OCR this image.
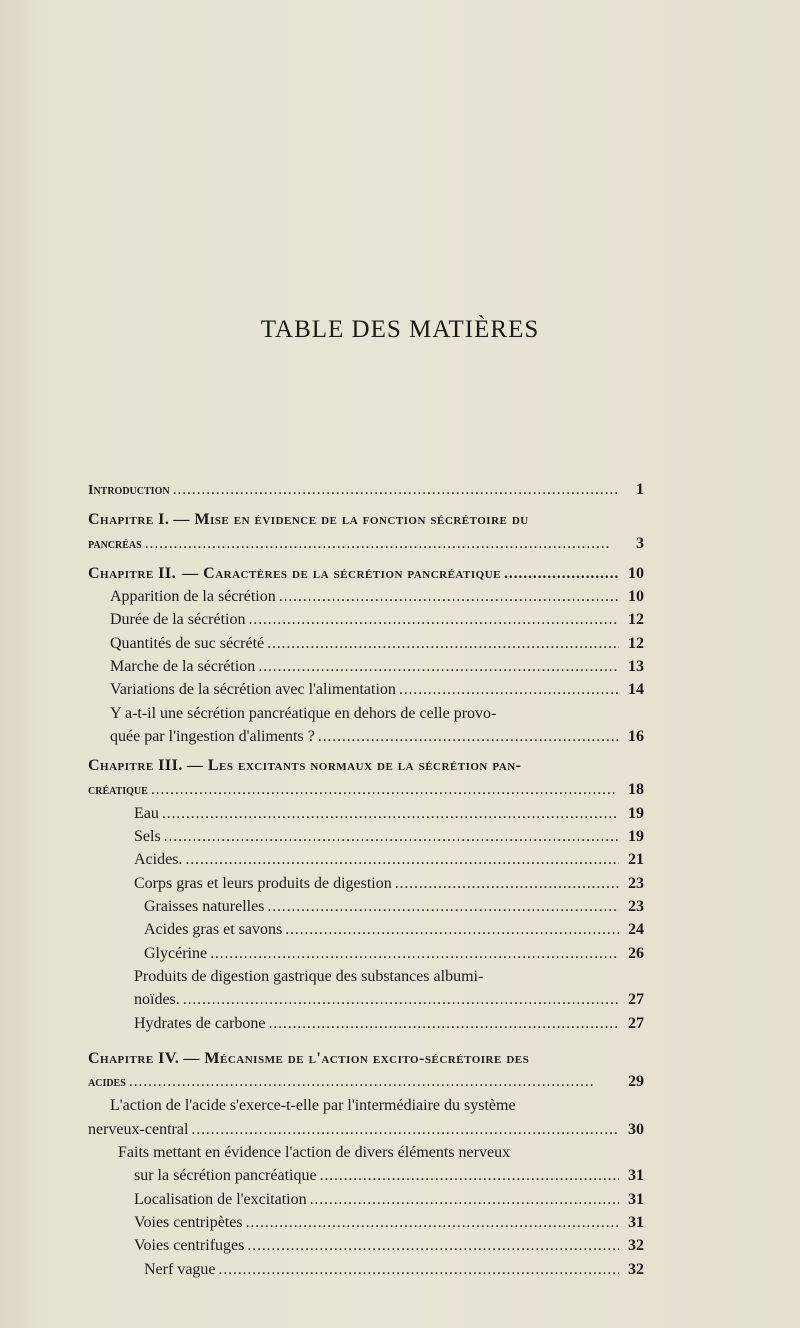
TABLE DES MATIÈRES
Introduction . . .	1
Chapitre I. — Mise en évidence de la fonction sécrétoire du
pancréas . . .	3
Chapitre II. — Caractères de la sécrétion pancréatique . . .	10
Apparition de la sécrétion . . .	10
Durée de la sécrétion . . .	12
Quantités de suc sécrété . . .	12
Marche de la sécrétion . . .	13
Variations de la sécrétion avec l'alimentation . . .	14
Y a-t-il une sécrétion pancréatique en dehors de celle provo-
quée par l'ingestion d'aliments ? . . .	16
Chapitre III. — Les excitants normaux de la sécrétion pan-
créatique . . .	18
Eau . . .	19
Sels . . .	19
Acides. . . .	21
Corps gras et leurs produits de digestion . . .	23
Graisses naturelles . . .	23
Acides gras et savons . . .	24
Glycérine . . .	26
Produits de digestion gastrique des substances albumi-
noïdes. . . .	27
Hydrates de carbone . . .	27
Chapitre IV. — Mécanisme de l'action excito-sécrétoire des
acides . . .	29
L'action de l'acide s'exerce-t-elle par l'intermédiaire du système
nerveux-central . . .	30
Faits mettant en évidence l'action de divers éléments nerveux
sur la sécrétion pancréatique . . .	31
Localisation de l'excitation . . .	31
Voies centripètes . . .	31
Voies centrifuges . . .	32
Nerf vague . . .	32
